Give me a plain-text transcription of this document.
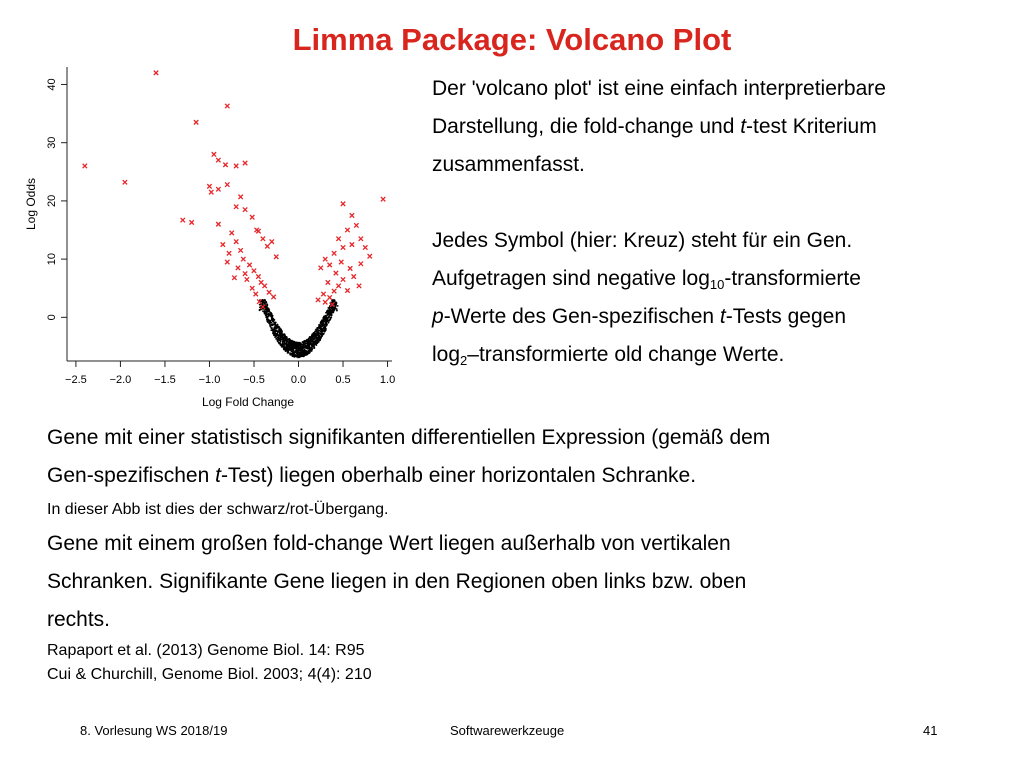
Limma Package: Volcano Plot
−2.5 −2.0 −1.5 −1.0 −0.5 0.0	0.5	1.0
0
10
20
30
40
Log Fold Change
Log Odds
Der 'volcano plot' ist eine einfach interpretierbare
Darstellung, die fold-change und t-test Kriterium
zusammenfasst.
Jedes Symbol (hier: Kreuz) steht für ein Gen.
Aufgetragen sind negative $\log_{10}$-transformierte
p-Werte des Gen-spezifischen t-Tests gegen
$\log_2$–transformierte old change Werte.
Gene mit einer statistisch signifikanten differentiellen Expression (gemäß dem
Gen-spezifischen t-Test) liegen oberhalb einer horizontalen Schranke.
In dieser Abb ist dies der schwarz/rot-Übergang.
Gene mit einem großen fold-change Wert liegen außerhalb von vertikalen
Schranken. Signifikante Gene liegen in den Regionen oben links bzw. oben
rechts.
Rapaport et al. (2013) Genome Biol. 14: R95
Cui & Churchill, Genome Biol. 2003; 4(4): 210
8. Vorlesung WS 2018/19	Softwarewerkzeuge	41
